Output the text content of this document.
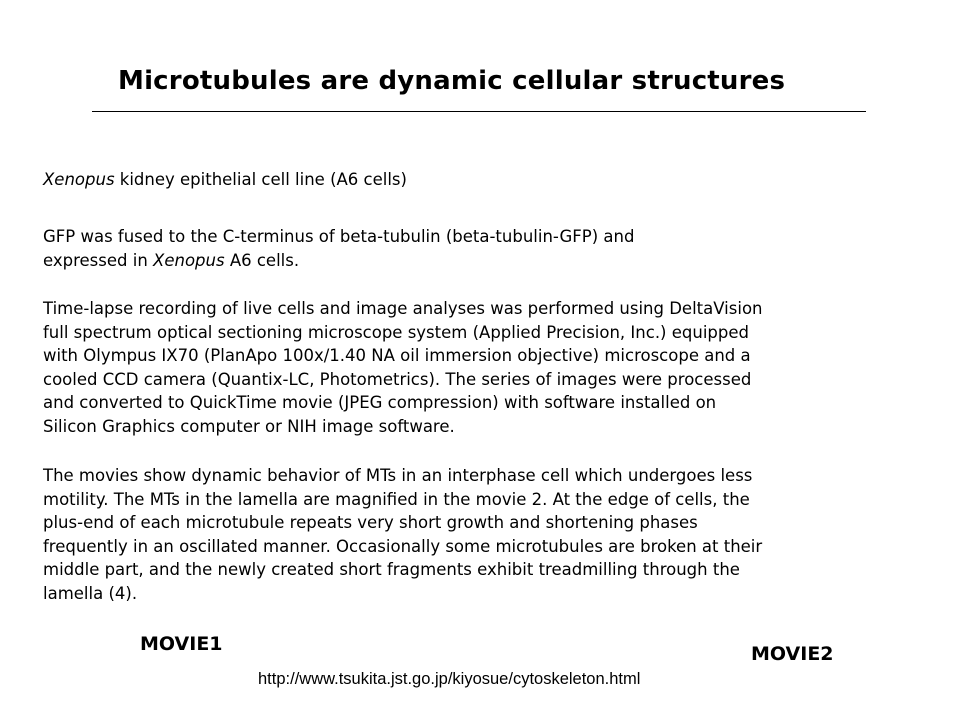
Microtubules are dynamic cellular structures
Xenopus kidney epithelial cell line (A6 cells)
GFP was fused to the C-terminus of beta-tubulin (beta-tubulin-GFP) and
expressed in Xenopus A6 cells.
Time-lapse recording of live cells and image analyses was performed using DeltaVision
full spectrum optical sectioning microscope system (Applied Precision, Inc.) equipped
with Olympus IX70 (PlanApo 100x/1.40 NA oil immersion objective) microscope and a
cooled CCD camera (Quantix-LC, Photometrics). The series of images were processed
and converted to QuickTime movie (JPEG compression) with software installed on
Silicon Graphics computer or NIH image software.
The movies show dynamic behavior of MTs in an interphase cell which undergoes less
motility. The MTs in the lamella are magnified in the movie 2. At the edge of cells, the
plus-end of each microtubule repeats very short growth and shortening phases
frequently in an oscillated manner. Occasionally some microtubules are broken at their
middle part, and the newly created short fragments exhibit treadmilling through the
lamella (4).
MOVIE1	MOVIE2
http://www.tsukita.jst.go.jp/kiyosue/cytoskeleton.html
